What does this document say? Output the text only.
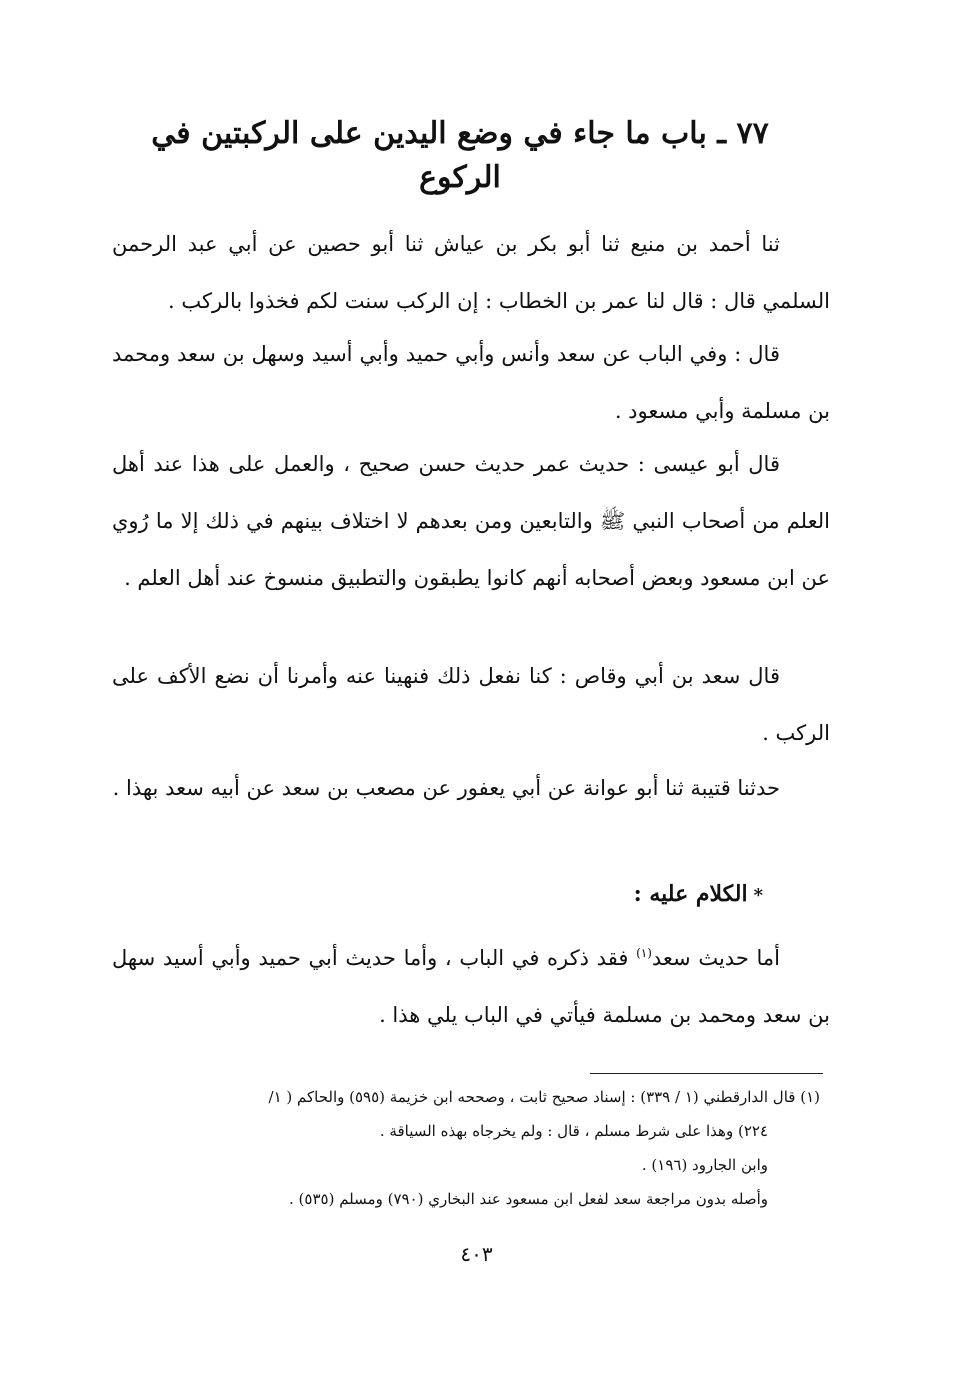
٧٧ ـ باب ما جاء في وضع اليدين على الركبتين في الركوع

ثنا أحمد بن منيع ثنا أبو بكر بن عياش ثنا أبو حصين عن أبي عبد الرحمن السلمي قال : قال لنا عمر بن الخطاب : إن الركب سنت لكم فخذوا بالركب .

قال : وفي الباب عن سعد وأنس وأبي حميد وأبي أسيد وسهل بن سعد ومحمد بن مسلمة وأبي مسعود .

قال أبو عيسى : حديث عمر حديث حسن صحيح ، والعمل على هذا عند أهل العلم من أصحاب النبي ﷺ والتابعين ومن بعدهم لا اختلاف بينهم في ذلك إلا ما رُوي عن ابن مسعود وبعض أصحابه أنهم كانوا يطبقون والتطبيق منسوخ عند أهل العلم .

قال سعد بن أبي وقاص : كنا نفعل ذلك فنهينا عنه وأمرنا أن نضع الأكف على الركب .

حدثنا قتيبة ثنا أبو عوانة عن أبي يعفور عن مصعب بن سعد عن أبيه سعد بهذا .

*الكلام عليه :

أما حديث سعد$^{(١)}$ فقد ذكره في الباب ، وأما حديث أبي حميد وأبي أسيد سهل بن سعد ومحمد بن مسلمة فيأتي في الباب يلي هذا .

(١) قال الدارقطني (١ / ٣٣٩) : إسناد صحيح ثابت ، وصححه ابن خزيمة (٥٩٥) والحاكم ( ١/
٢٢٤) وهذا على شرط مسلم ، قال : ولم يخرجاه بهذه السياقة .
وابن الجارود (١٩٦) .
وأصله بدون مراجعة سعد لفعل ابن مسعود عند البخاري (٧٩٠) ومسلم (٥٣٥) .
٤٠٣
